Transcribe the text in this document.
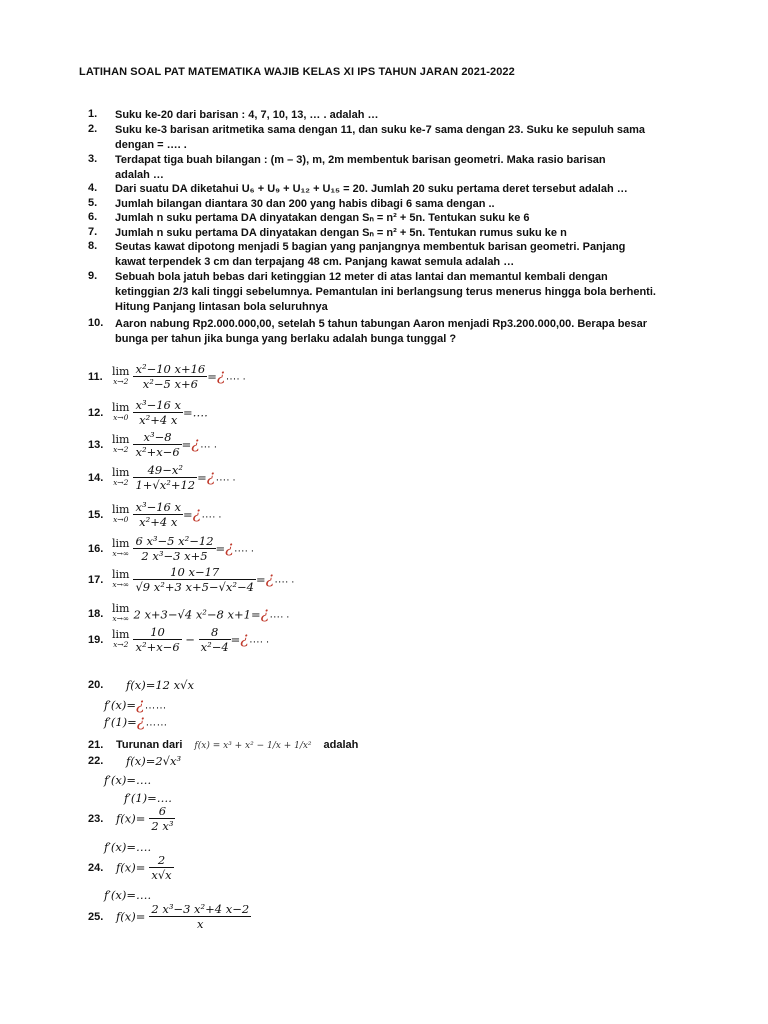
LATIHAN SOAL PAT MATEMATIKA WAJIB KELAS XI IPS TAHUN JARAN 2021-2022
1.	Suku ke-20 dari barisan : 4, 7, 10, 13, … . adalah …
2.	Suku ke-3 barisan aritmetika sama dengan 11, dan suku ke-7 sama dengan 23. Suku ke sepuluh sama
dengan = …. .
3.	Terdapat tiga buah bilangan : (m – 3), m, 2m membentuk barisan geometri. Maka rasio barisan
adalah …
4.	Dari suatu DA diketahui U₆ + U₉ + U₁₂ + U₁₅ = 20. Jumlah 20 suku pertama deret tersebut adalah …
5.	Jumlah bilangan diantara 30 dan 200 yang habis dibagi 6 sama dengan ..
6.	Jumlah n suku pertama DA dinyatakan dengan Sₙ = n² + 5n. Tentukan suku ke 6
7.	Jumlah n suku pertama DA dinyatakan dengan Sₙ = n² + 5n. Tentukan rumus suku ke n
8.	Seutas kawat dipotong menjadi 5 bagian yang panjangnya membentuk barisan geometri. Panjang
kawat terpendek 3 cm dan terpajang 48 cm. Panjang kawat semula adalah …
9.	Sebuah bola jatuh bebas dari ketinggian 12 meter di atas lantai dan memantul kembali dengan
ketinggian 2/3 kali tinggi sebelumnya. Pemantulan ini berlangsung terus menerus hingga bola berhenti.
Hitung Panjang lintasan bola seluruhnya
10.	Aaron nabung Rp2.000.000,00, setelah 5 tahun tabungan Aaron menjadi Rp3.200.000,00. Berapa besar
bunga per tahun jika bunga yang berlaku adalah bunga tunggal ?
11. lim
$x\to 2 \frac{\text{x²−10 x+16}}{\text{x²−5 x+6}}$ =¿…. .
12. lim
$x\to 0 \frac{\text{x³−16 x}}{\text{x²+4 x}}$ =….
13. lim
$x\to 2 \frac{\text{x³−8}}{\text{x²+x−6}}$ =¿… .
14. lim
$x\to 2 \frac{\text{49−x²}}{\text{1+√x²+12}}$ =¿…. .
15. lim
$x\to 0 \frac{\text{x³−16 x}}{\text{x²+4 x}}$ =¿…. .
16. lim
$x\to\infty \frac{\text{6 x³−5 x²−12}}{\text{2 x³−3 x+5}}$ =¿…. .
17. lim
$x\to\infty \frac{10 x-17}{\text{√9 x²+3 x+5−√x²−4}}$ =¿…. .
18. lim
x→∞ 2 x+3−√4 x²−8 x+1=¿…. .
19. lim
$x\to 2 \frac{10}{\text{x²+x−6}} - \frac{8}{\text{x²−4}}$ =¿…. .
20. f(x)=12 x√x
f′(x)=¿……
f′(1)=¿……
21. Turunan dari f(x) = x³ + x² − 1/x + 1/x² adalah
22. f(x)=2√x³
f′(x)=….
f′(1)=….
23. $f(x)= \frac{6}{\text{2 x³}}$
f′(x)=….
24. $f(x)= \frac{2}{x√x}$
f′(x)=….
25. $f(x)= \frac{\text{2 x³−3 x²+4 x−2}}{x}$
